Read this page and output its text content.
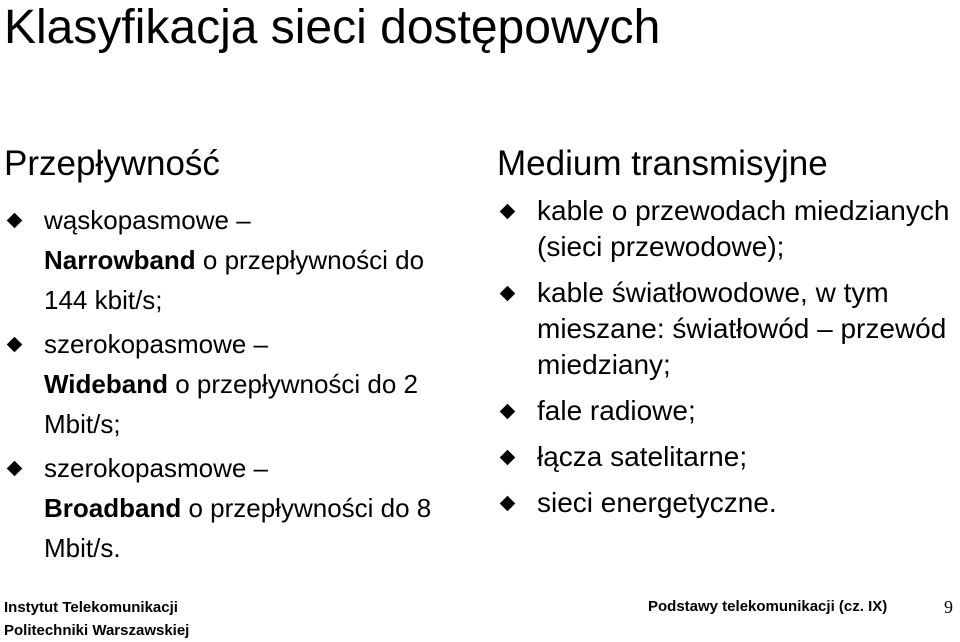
Klasyfikacja sieci dostępowych
Przepływność
wąskopasmowe –
Narrowband o przepływności do 144 kbit/s;
szerokopasmowe –
Wideband o przepływności do 2 Mbit/s;
szerokopasmowe –
Broadband o przepływności do 8 Mbit/s.
Medium transmisyjne
kable o przewodach miedzianych (sieci przewodowe);
kable światłowodowe, w tym mieszane: światłowód – przewód miedziany;
fale radiowe;
łącza satelitarne;
sieci energetyczne.
Instytut Telekomunikacji
Politechniki Warszawskiej
Podstawy telekomunikacji (cz. IX)	9
